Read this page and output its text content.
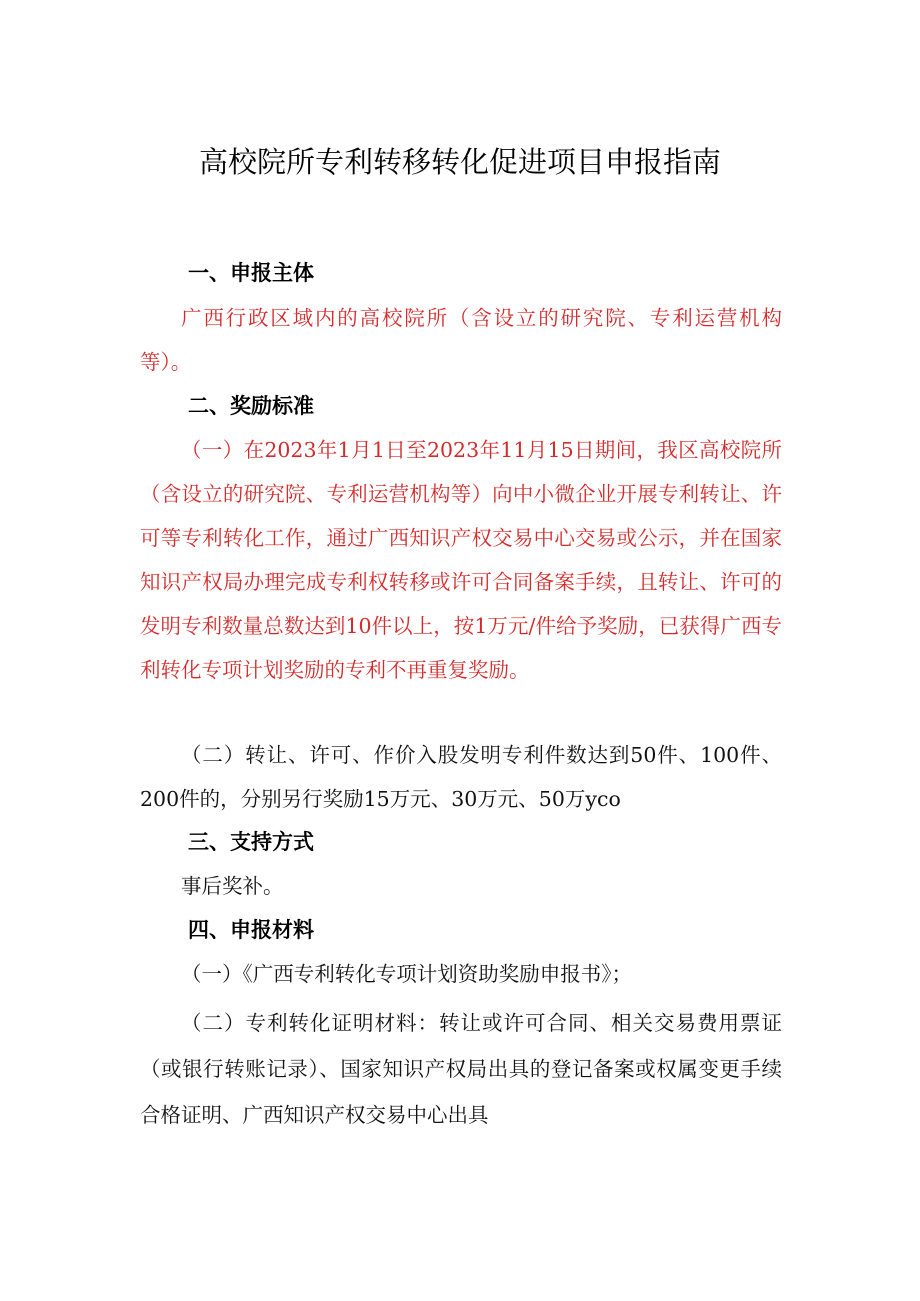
高校院所专利转移转化促进项目申报指南
一、申报主体
广西行政区域内的高校院所（含设立的研究院、专利运营机构等）。
二、奖励标准
（一）在2023年1月1日至2023年11月15日期间，我区高校院所（含设立的研究院、专利运营机构等）向中小微企业开展专利转让、许可等专利转化工作，通过广西知识产权交易中心交易或公示，并在国家知识产权局办理完成专利权转移或许可合同备案手续，且转让、许可的发明专利数量总数达到10件以上，按1万元/件给予奖励，已获得广西专利转化专项计划奖励的专利不再重复奖励。
（二）转让、许可、作价入股发明专利件数达到50件、100件、200件的，分别另行奖励15万元、30万元、50万yco
三、支持方式
事后奖补。
四、申报材料
（一）《广西专利转化专项计划资助奖励申报书》；
（二）专利转化证明材料：转让或许可合同、相关交易费用票证（或银行转账记录）、国家知识产权局出具的登记备案或权属变更手续合格证明、广西知识产权交易中心出具
